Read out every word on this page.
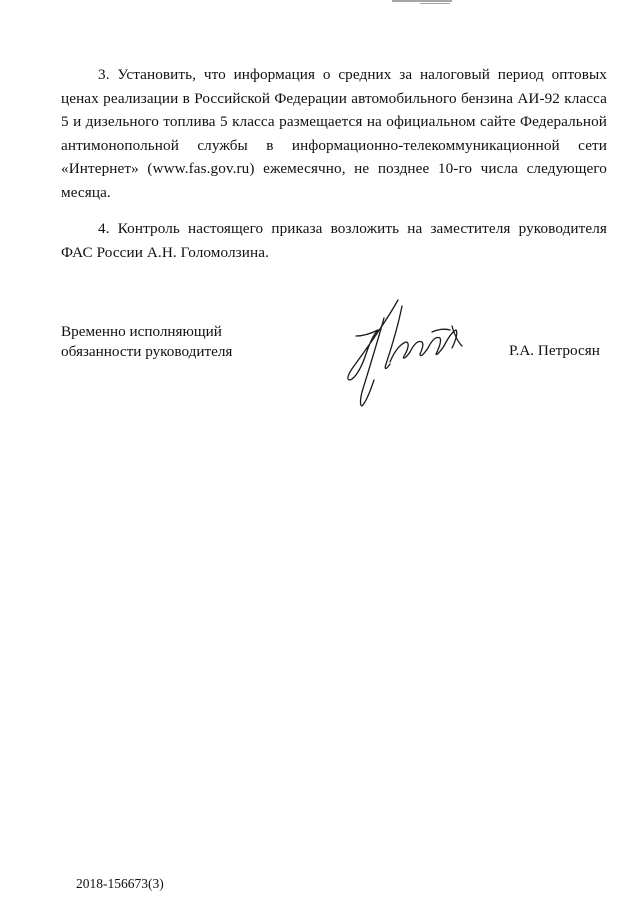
3. Установить, что информация о средних за налоговый период оптовых ценах реализации в Российской Федерации автомобильного бензина АИ-92 класса 5 и дизельного топлива 5 класса размещается на официальном сайте Федеральной антимонопольной службы в информационно-телекоммуникационной сети «Интернет» (www.fas.gov.ru) ежемесячно, не позднее 10-го числа следующего месяца.

4. Контроль настоящего приказа возложить на заместителя руководителя ФАС России А.Н. Голомолзина.

Временно исполняющий
обязанности руководителя	Р.А. Петросян

2018-156673(3)
